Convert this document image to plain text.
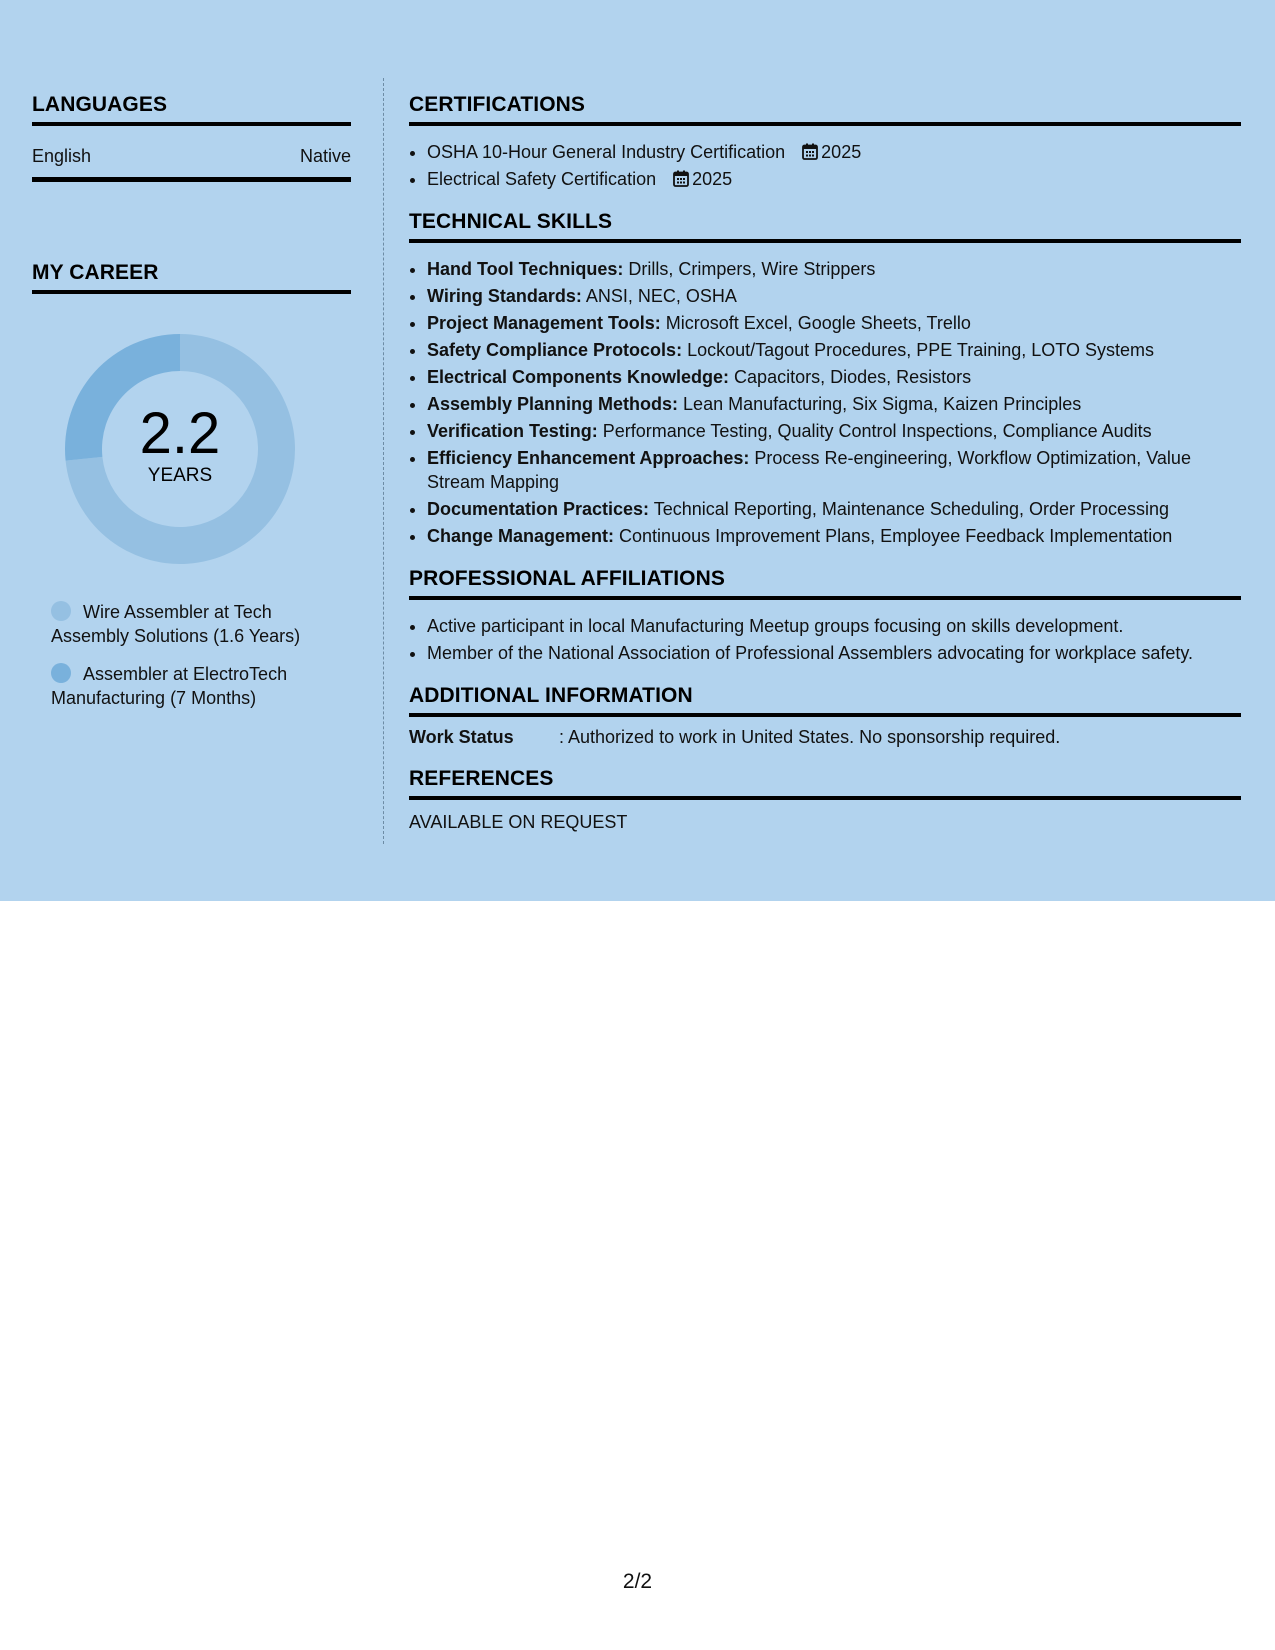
LANGUAGES
English	Native
MY CAREER
2.2
YEARS
Wire Assembler at Tech Assembly Solutions (1.6 Years)
Assembler at ElectroTech Manufacturing (7 Months)
CERTIFICATIONS
• OSHA 10-Hour General Industry Certification 2025
• Electrical Safety Certification 2025
TECHNICAL SKILLS
• Hand Tool Techniques: Drills, Crimpers, Wire Strippers
• Wiring Standards: ANSI, NEC, OSHA
• Project Management Tools: Microsoft Excel, Google Sheets, Trello
• Safety Compliance Protocols: Lockout/Tagout Procedures, PPE Training, LOTO Systems
• Electrical Components Knowledge: Capacitors, Diodes, Resistors
• Assembly Planning Methods: Lean Manufacturing, Six Sigma, Kaizen Principles
• Verification Testing: Performance Testing, Quality Control Inspections, Compliance Audits
• Efficiency Enhancement Approaches: Process Re-engineering, Workflow Optimization, Value Stream Mapping
• Documentation Practices: Technical Reporting, Maintenance Scheduling, Order Processing
• Change Management: Continuous Improvement Plans, Employee Feedback Implementation
PROFESSIONAL AFFILIATIONS
• Active participant in local Manufacturing Meetup groups focusing on skills development.
• Member of the National Association of Professional Assemblers advocating for workplace safety.
ADDITIONAL INFORMATION
Work Status	: Authorized to work in United States. No sponsorship required.
REFERENCES
AVAILABLE ON REQUEST
2/2
